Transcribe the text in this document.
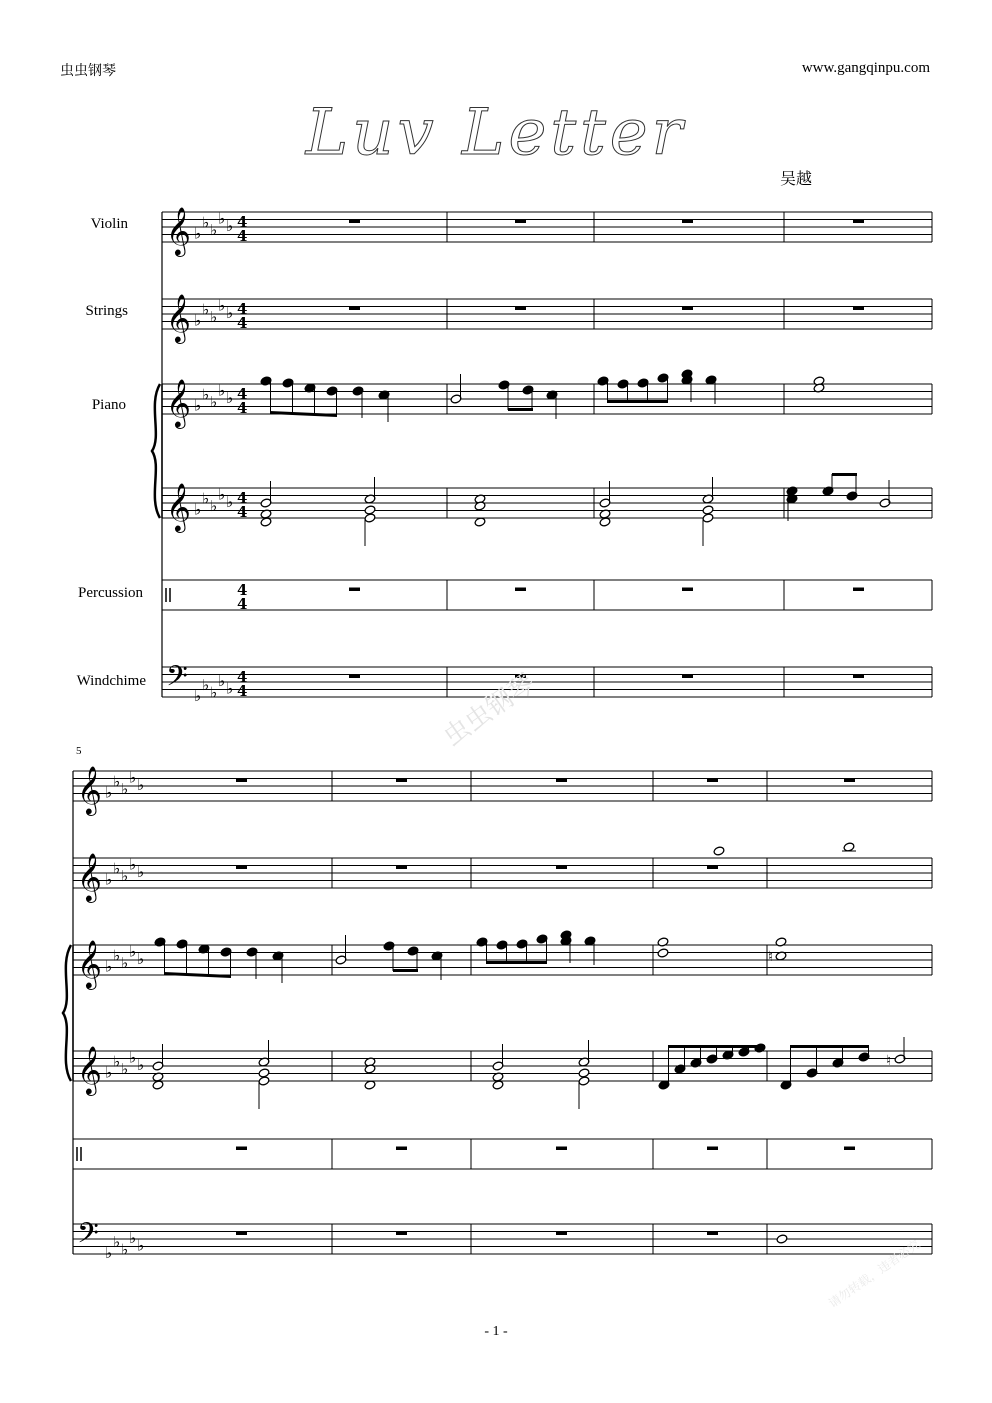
虫虫钢琴	www.gangqinpu.com
Luv Letter
吴越
Violin
Strings
Piano
Percussion
Windchime
5
𝄞 ♭
♭ ♭
♭ ♭ 4
4
𝄞 ♭
♭ ♭
♭ ♭ 4
4
𝄞 ♭
♭ ♭
♭ ♭ 4
4
𝄞 ♭
♭ ♭
♭ ♭ 4
4
4
4
𝄢 ♭
♭ ♭
♭ ♭
4
4
𝄞 ♭
♭ ♭
♭ ♭
𝄞 ♭
♭ ♭
♭ ♭
𝄞 ♭
♭ ♭
♭ ♭
𝄞 ♭
♭ ♭
♭ ♭
𝄢 ♭
♭ ♭
♭ ♭
♮
♮
虫虫钢琴
请勿转载，违者必究
- 1 -
